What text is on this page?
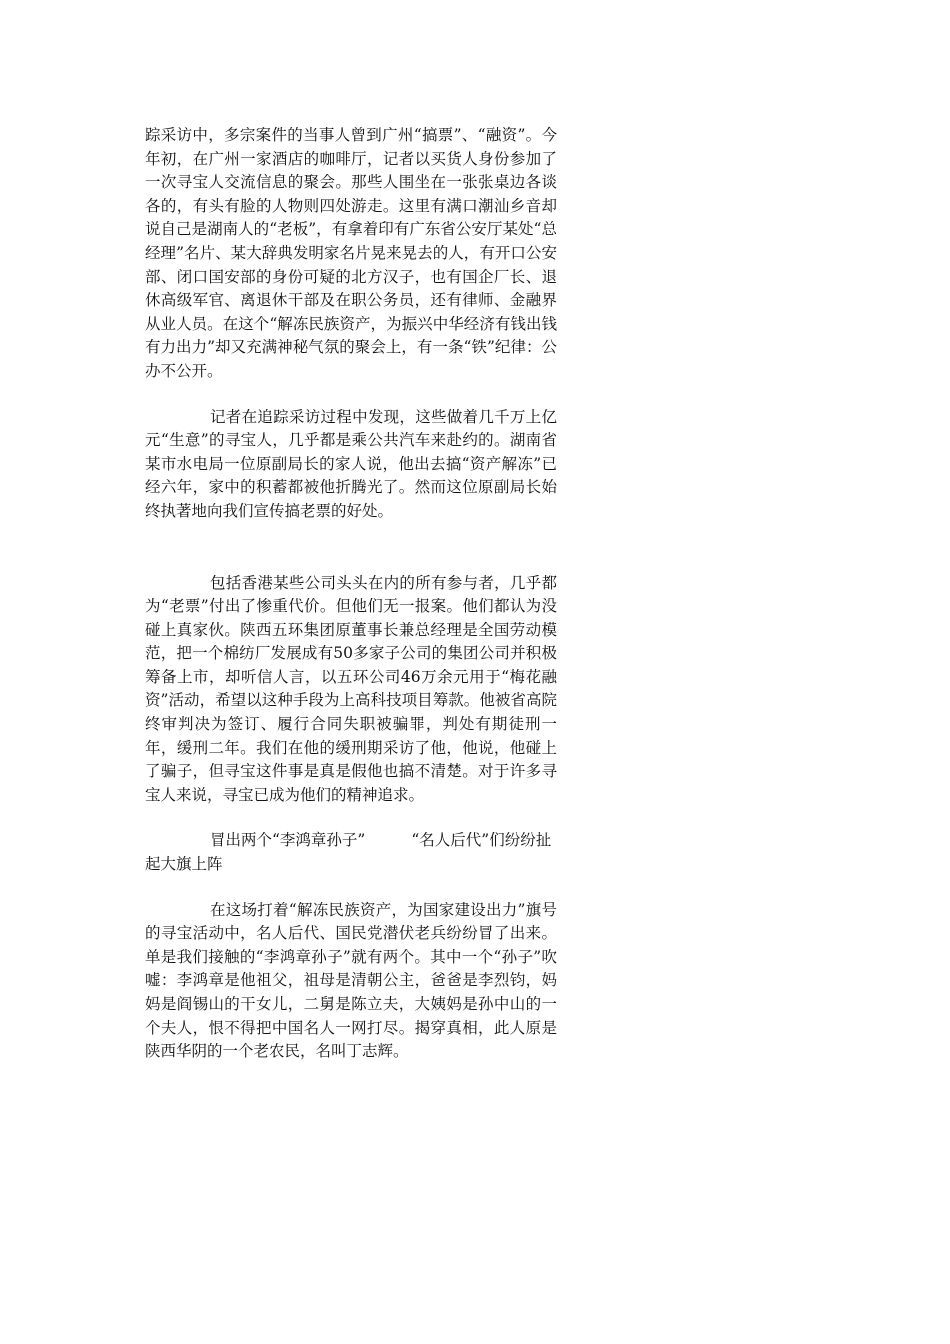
踪采访中，多宗案件的当事人曾到广州“搞票”、“融资”。今年初，在广州一家酒店的咖啡厅，记者以买货人身份参加了一次寻宝人交流信息的聚会。那些人围坐在一张张桌边各谈各的，有头有脸的人物则四处游走。这里有满口潮汕乡音却说自己是湖南人的“老板”，有拿着印有广东省公安厅某处“总经理”名片、某大辞典发明家名片晃来晃去的人，有开口公安部、闭口国安部的身份可疑的北方汉子，也有国企厂长、退休高级军官、离退休干部及在职公务员，还有律师、金融界从业人员。在这个“解冻民族资产，为振兴中华经济有钱出钱有力出力”却又充满神秘气氛的聚会上，有一条“铁”纪律：公办不公开。

记者在追踪采访过程中发现，这些做着几千万上亿元“生意”的寻宝人，几乎都是乘公共汽车来赴约的。湖南省某市水电局一位原副局长的家人说，他出去搞“资产解冻”已经六年，家中的积蓄都被他折腾光了。然而这位原副局长始终执著地向我们宣传搞老票的好处。

包括香港某些公司头头在内的所有参与者，几乎都为“老票”付出了惨重代价。但他们无一报案。他们都认为没碰上真家伙。陕西五环集团原董事长兼总经理是全国劳动模范，把一个棉纺厂发展成有50多家子公司的集团公司并积极筹备上市，却听信人言，以五环公司46万余元用于“梅花融资”活动，希望以这种手段为上高科技项目筹款。他被省高院终审判决为签订、履行合同失职被骗罪，判处有期徒刑一年，缓刑二年。我们在他的缓刑期采访了他，他说，他碰上了骗子，但寻宝这件事是真是假他也搞不清楚。对于许多寻宝人来说，寻宝已成为他们的精神追求。

冒出两个“李鸿章孙子”	“名人后代”们纷纷扯起大旗上阵

在这场打着“解冻民族资产，为国家建设出力”旗号的寻宝活动中，名人后代、国民党潜伏老兵纷纷冒了出来。单是我们接触的“李鸿章孙子”就有两个。其中一个“孙子”吹嘘：李鸿章是他祖父，祖母是清朝公主，爸爸是李烈钧，妈妈是阎锡山的干女儿，二舅是陈立夫，大姨妈是孙中山的一个夫人，恨不得把中国名人一网打尽。揭穿真相，此人原是陕西华阴的一个老农民，名叫丁志辉。
